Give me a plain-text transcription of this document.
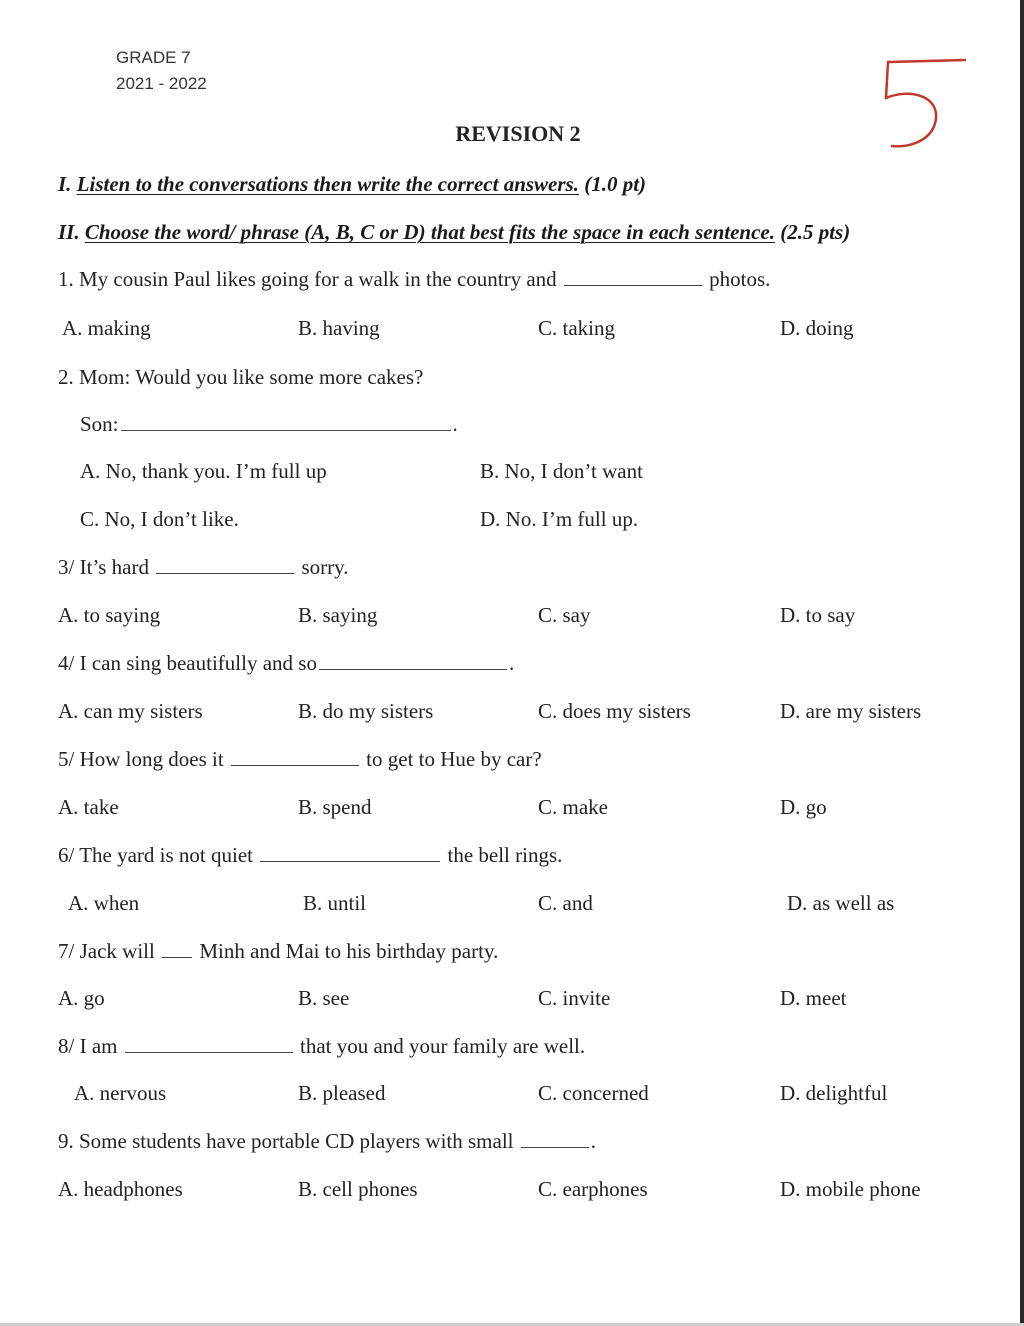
GRADE 7
2021 - 2022
REVISION 2
I. Listen to the conversations then write the correct answers. (1.0 pt)
II. Choose the word/ phrase (A, B, C or D) that best fits the space in each sentence. (2.5 pts)
1. My cousin Paul likes going for a walk in the country and	photos.
A. making	B. having	C. taking	D. doing
2. Mom: Would you like some more cakes?
Son:	.
A. No, thank you. I’m full up	B. No, I don’t want
C. No, I don’t like.	D. No. I’m full up.
3/ It’s hard	sorry.
A. to saying	B. saying	C. say	D. to say
4/ I can sing beautifully and so	.
A. can my sisters	B. do my sisters	C. does my sisters	D. are my sisters
5/ How long does it	to get to Hue by car?
A. take	B. spend	C. make	D. go
6/ The yard is not quiet	the bell rings.
A. when	B. until	C. and	D. as well as
7/ Jack will Minh and Mai to his birthday party.
A. go	B. see	C. invite	D. meet
8/ I am	that you and your family are well.
A. nervous	B. pleased	C. concerned	D. delightful
9. Some students have portable CD players with small	.
A. headphones	B. cell phones	C. earphones	D. mobile phone
